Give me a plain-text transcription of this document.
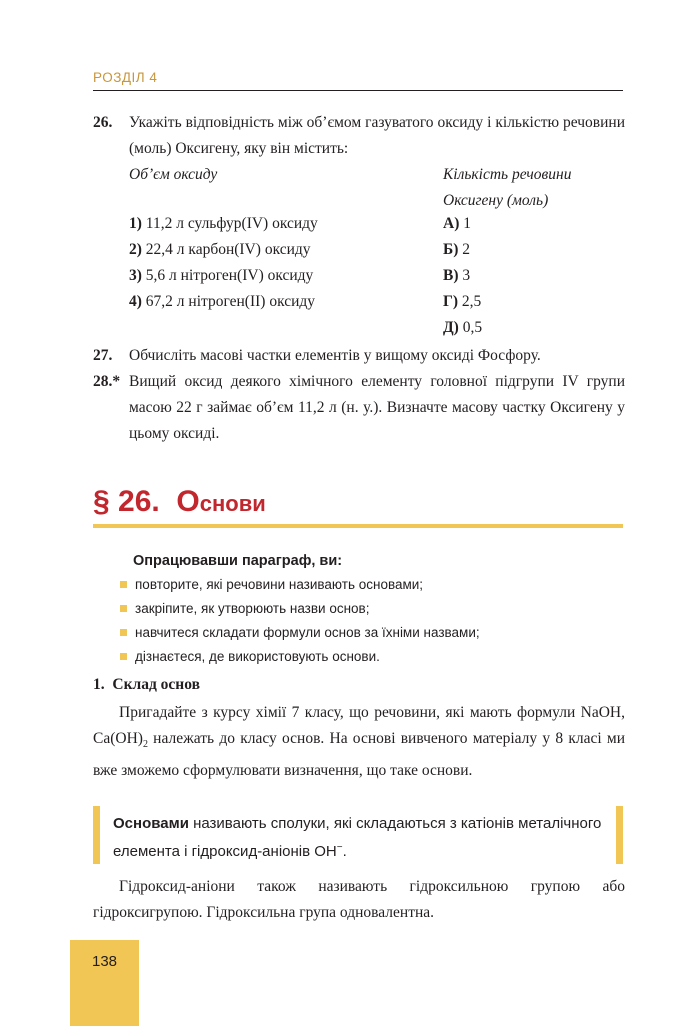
РОЗДІЛ 4
26. Укажіть відповідність між об’ємом газуватого оксиду і кількістю речовини (моль) Оксигену, яку він містить:
Об’єм оксиду	Кількість речовини
Оксигену (моль)
1) 11,2 л сульфур(IV) оксиду
2) 22,4 л карбон(IV) оксиду
3) 5,6 л нітроген(IV) оксиду
4) 67,2 л нітроген(II) оксиду
А) 1
Б) 2
В) 3
Г) 2,5
Д) 0,5
27. Обчисліть масові частки елементів у вищому оксиді Фосфору.
28.* Вищий оксид деякого хімічного елементу головної підгрупи IV групи масою 22 г займає об’єм 11,2 л (н. у.). Визначте масову частку Оксигену у цьому оксиді.
§ 26. Основи
Опрацювавши параграф, ви:
повторите, які речовини називають основами;
закріпите, як утворюють назви основ;
навчитеся складати формули основ за їхніми назвами;
дізнаєтеся, де використовують основи.
1. Склад основ
Пригадайте з курсу хімії 7 класу, що речовини, які мають формули NaOH, $Ca(OH)_2$ належать до класу основ. На основі вивченого матеріалу у 8 класі ми вже зможемо сформулювати визначення, що таке основи.
Основами називають сполуки, які складаються з катіонів металічного елемента і гідроксид-аніонів OH−.
Гідроксид-аніони також називають гідроксильною групою або гідроксигрупою. Гідроксильна група одновалентна.
138
